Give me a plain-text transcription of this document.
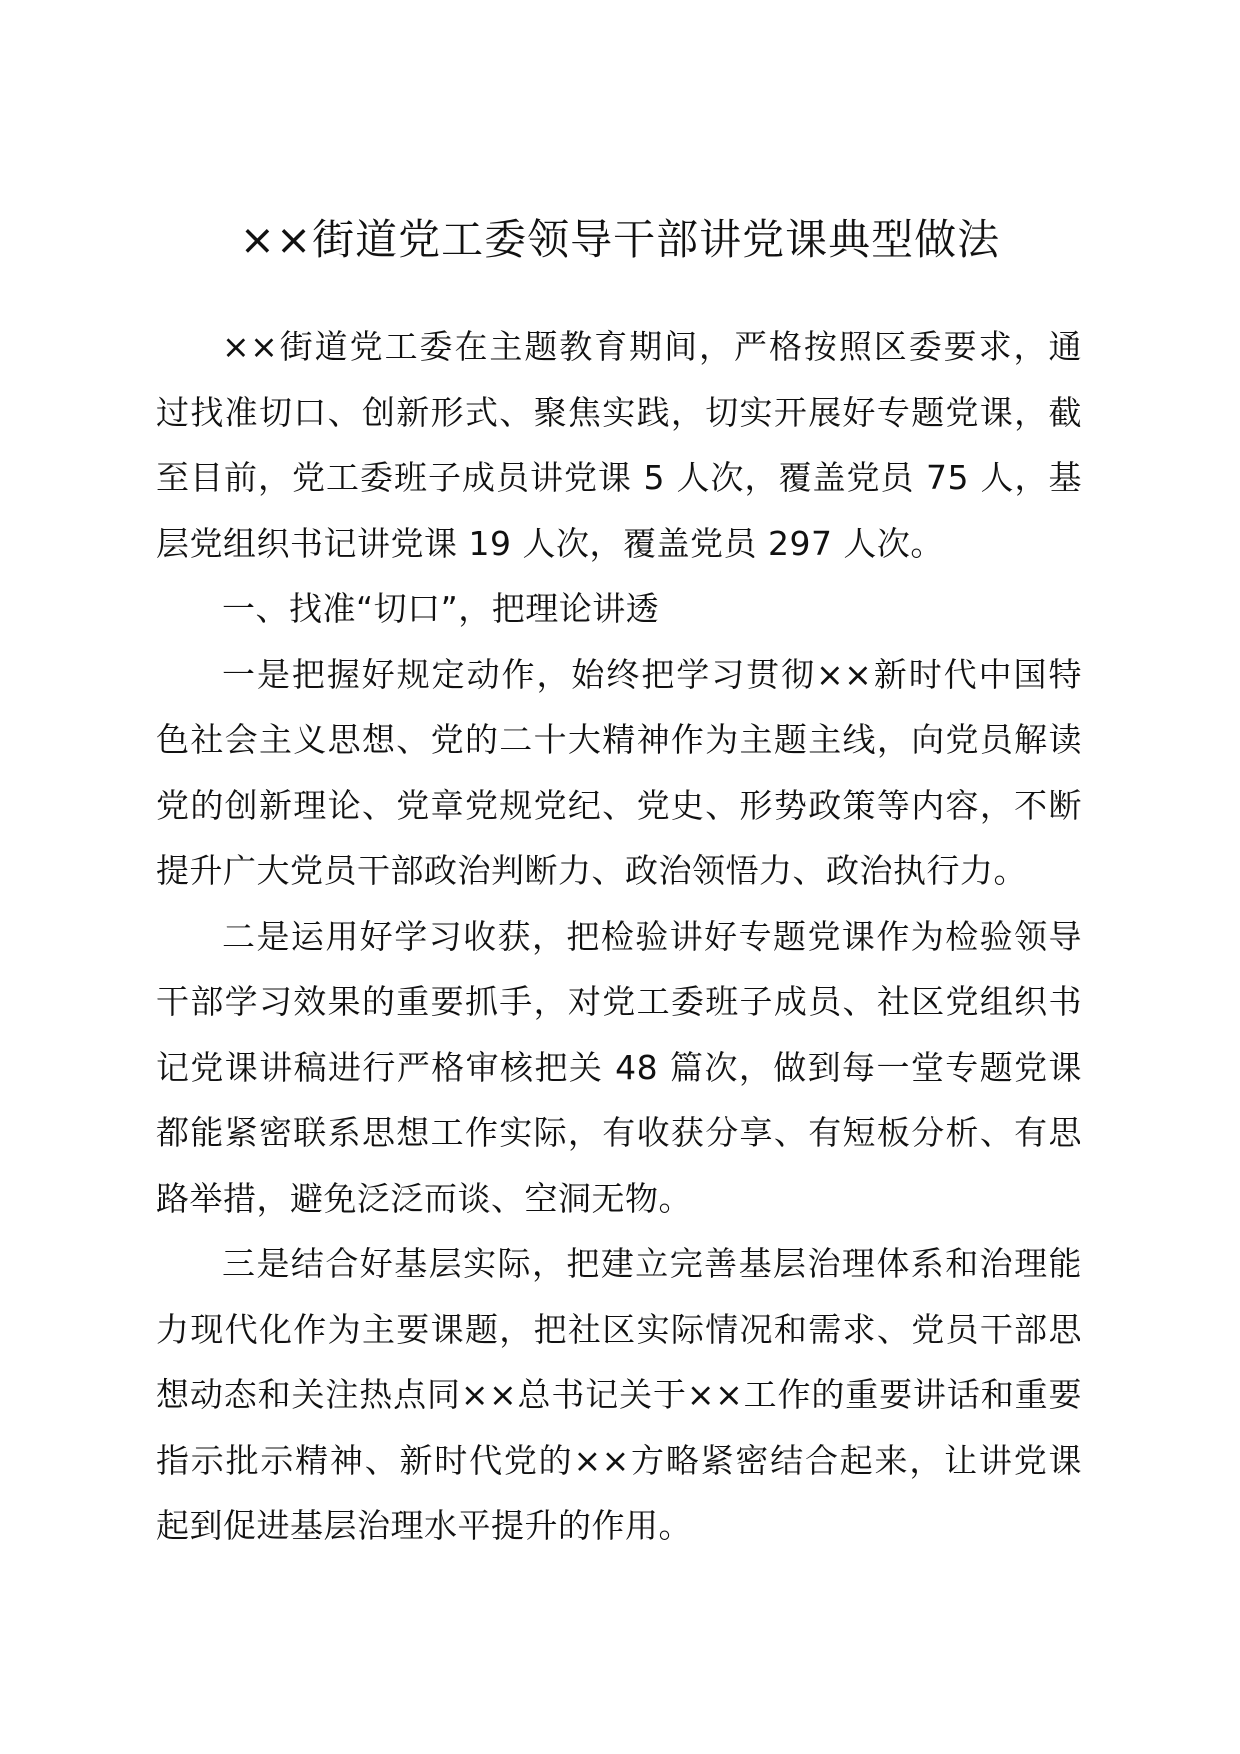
××街道党工委领导干部讲党课典型做法

××街道党工委在主题教育期间，严格按照区委要求，通过找准切口、创新形式、聚焦实践，切实开展好专题党课，截至目前，党工委班子成员讲党课 5 人次，覆盖党员 75 人，基层党组织书记讲党课 19 人次，覆盖党员 297 人次。

一、找准“切口”，把理论讲透

一是把握好规定动作，始终把学习贯彻××新时代中国特色社会主义思想、党的二十大精神作为主题主线，向党员解读党的创新理论、党章党规党纪、党史、形势政策等内容，不断提升广大党员干部政治判断力、政治领悟力、政治执行力。

二是运用好学习收获，把检验讲好专题党课作为检验领导干部学习效果的重要抓手，对党工委班子成员、社区党组织书记党课讲稿进行严格审核把关 48 篇次，做到每一堂专题党课都能紧密联系思想工作实际，有收获分享、有短板分析、有思路举措，避免泛泛而谈、空洞无物。

三是结合好基层实际，把建立完善基层治理体系和治理能力现代化作为主要课题，把社区实际情况和需求、党员干部思想动态和关注热点同××总书记关于××工作的重要讲话和重要指示批示精神、新时代党的××方略紧密结合起来，让讲党课起到促进基层治理水平提升的作用。
